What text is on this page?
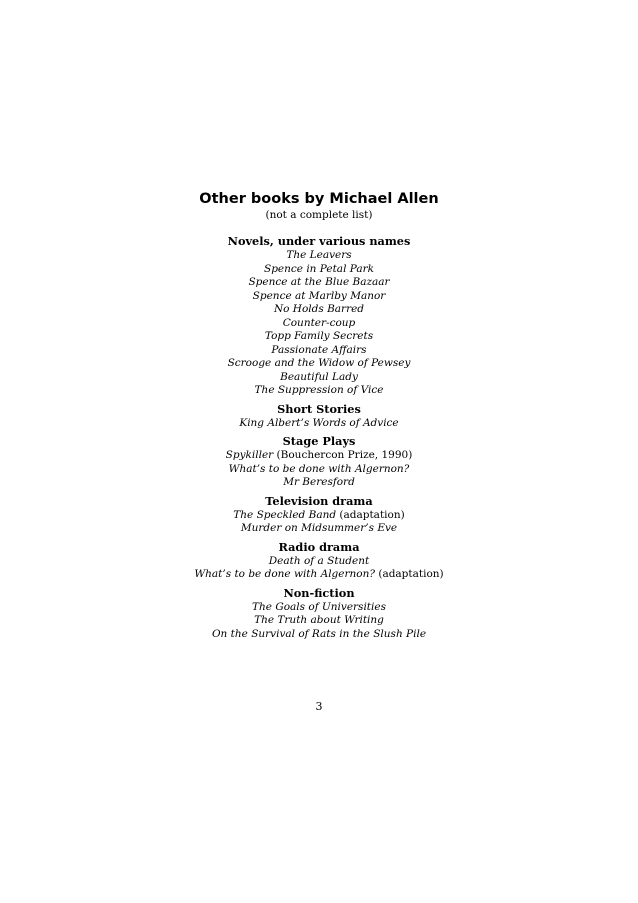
Other books by Michael Allen

(not a complete list)

Novels, under various names
The Leavers
Spence in Petal Park
Spence at the Blue Bazaar
Spence at Marlby Manor
No Holds Barred
Counter-coup
Topp Family Secrets
Passionate Affairs
Scrooge and the Widow of Pewsey
Beautiful Lady
The Suppression of Vice
Short Stories
King Albert’s Words of Advice
Stage Plays
Spykiller (Bouchercon Prize, 1990)
What’s to be done with Algernon?
Mr Beresford
Television drama
The Speckled Band (adaptation)
Murder on Midsummer’s Eve
Radio drama
Death of a Student
What’s to be done with Algernon? (adaptation)
Non-fiction
The Goals of Universities
The Truth about Writing
On the Survival of Rats in the Slush Pile
3
